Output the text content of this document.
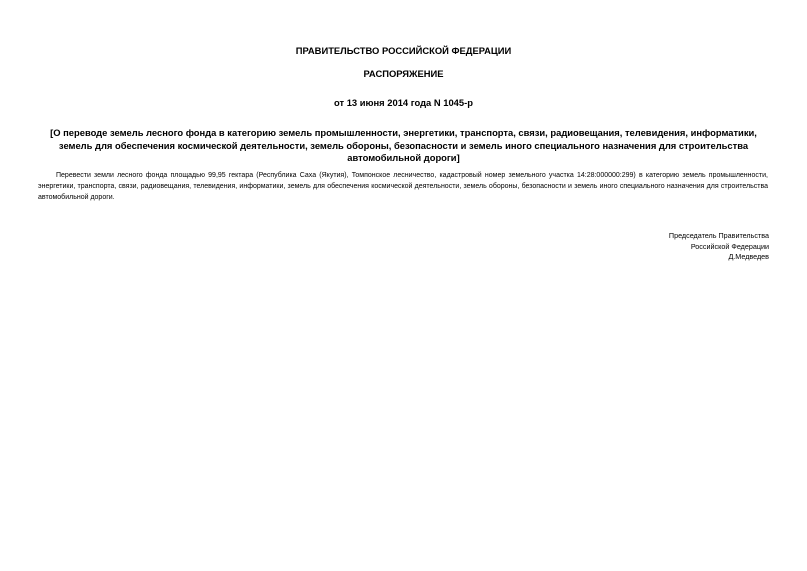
ПРАВИТЕЛЬСТВО РОССИЙСКОЙ ФЕДЕРАЦИИ

РАСПОРЯЖЕНИЕ

от 13 июня 2014 года N 1045-р

[О переводе земель лесного фонда в категорию земель промышленности, энергетики, транспорта, связи, радиовещания, телевидения, информатики, земель для обеспечения космической деятельности, земель обороны, безопасности и земель иного специального назначения для строительства автомобильной дороги]

Перевести земли лесного фонда площадью 99,95 гектара (Республика Саха (Якутия), Томпонское лесничество, кадастровый номер земельного участка 14:28:000000:299) в категорию земель промышленности, энергетики, транспорта, связи, радиовещания, телевидения, информатики, земель для обеспечения космической деятельности, земель обороны, безопасности и земель иного специального назначения для строительства автомобильной дороги.

Председатель Правительства
Российской Федерации
Д.Медведев
